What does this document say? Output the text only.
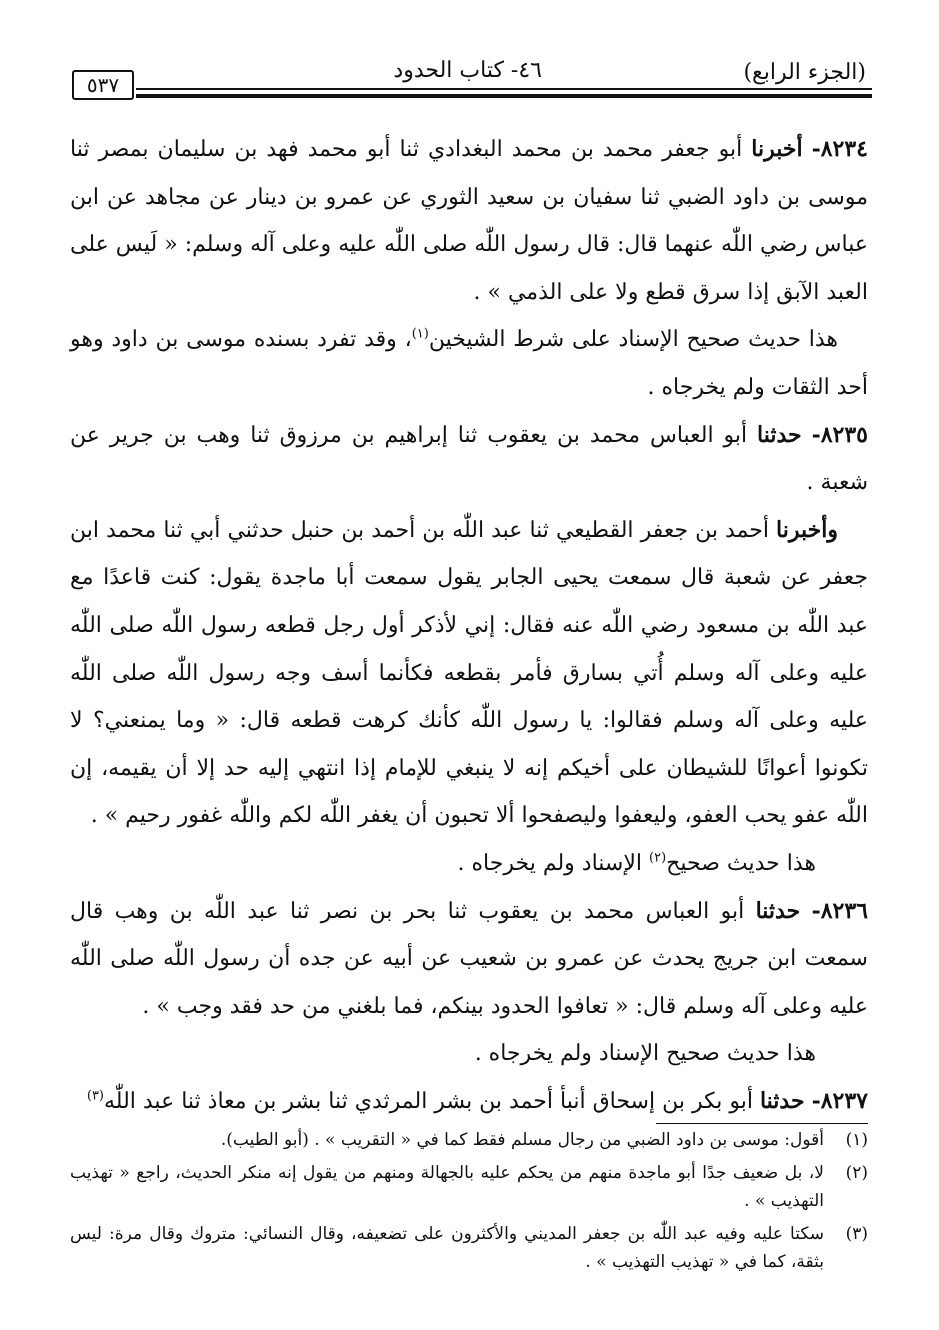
(الجزء الرابع)
٤٦- كتاب الحدود
٥٣٧

٨٢٣٤- أخبرنا أبو جعفر محمد بن محمد البغدادي ثنا أبو محمد فهد بن سليمان بمصر ثنا موسى بن داود الضبي ثنا سفيان بن سعيد الثوري عن عمرو بن دينار عن مجاهد عن ابن عباس رضي اللّٰه عنهما قال: قال رسول اللّٰه صلى اللّٰه عليه وعلى آله وسلم: « لَيس على العبد الآبق إذا سرق قطع ولا على الذمي » .

هذا حديث صحيح الإسناد على شرط الشيخين$^{(١)}$، وقد تفرد بسنده موسى بن داود وهو أحد الثقات ولم يخرجاه .

٨٢٣٥- حدثنا أبو العباس محمد بن يعقوب ثنا إبراهيم بن مرزوق ثنا وهب بن جرير عن شعبة .

وأخبرنا أحمد بن جعفر القطيعي ثنا عبد اللّٰه بن أحمد بن حنبل حدثني أبي ثنا محمد ابن جعفر عن شعبة قال سمعت يحيى الجابر يقول سمعت أبا ماجدة يقول: كنت قاعدًا مع عبد اللّٰه بن مسعود رضي اللّٰه عنه فقال: إني لأذكر أول رجل قطعه رسول اللّٰه صلى اللّٰه عليه وعلى آله وسلم أُتي بسارق فأمر بقطعه فكأنما أسف وجه رسول اللّٰه صلى اللّٰه عليه وعلى آله وسلم فقالوا: يا رسول اللّٰه كأنك كرهت قطعه قال: « وما يمنعني؟ لا تكونوا أعوانًا للشيطان على أخيكم إنه لا ينبغي للإمام إذا انتهي إليه حد إلا أن يقيمه، إن اللّٰه عفو يحب العفو، وليعفوا وليصفحوا ألا تحبون أن يغفر اللّٰه لكم واللّٰه غفور رحيم » .

هذا حديث صحيح$^{(٢)}$ الإسناد ولم يخرجاه .

٨٢٣٦- حدثنا أبو العباس محمد بن يعقوب ثنا بحر بن نصر ثنا عبد اللّٰه بن وهب قال سمعت ابن جريج يحدث عن عمرو بن شعيب عن أبيه عن جده أن رسول اللّٰه صلى اللّٰه عليه وعلى آله وسلم قال: « تعافوا الحدود بينكم، فما بلغني من حد فقد وجب » .

هذا حديث صحيح الإسناد ولم يخرجاه .

٨٢٣٧- حدثنا أبو بكر بن إسحاق أنبأ أحمد بن بشر المرثدي ثنا بشر بن معاذ ثنا عبد اللّٰه$^{(٣)}$

(١)
أقول: موسى بن داود الضبي من رجال مسلم فقط كما في « التقريب » . (أبو الطيب).
(٢)
لا، بل ضعيف جدًا أبو ماجدة منهم من يحكم عليه بالجهالة ومنهم من يقول إنه منكر الحديث، راجع « تهذيب التهذيب » .
(٣)
سكتا عليه وفيه عبد اللّٰه بن جعفر المديني والأكثرون على تضعيفه، وقال النسائي: متروك وقال مرة: ليس بثقة، كما في « تهذيب التهذيب » .
